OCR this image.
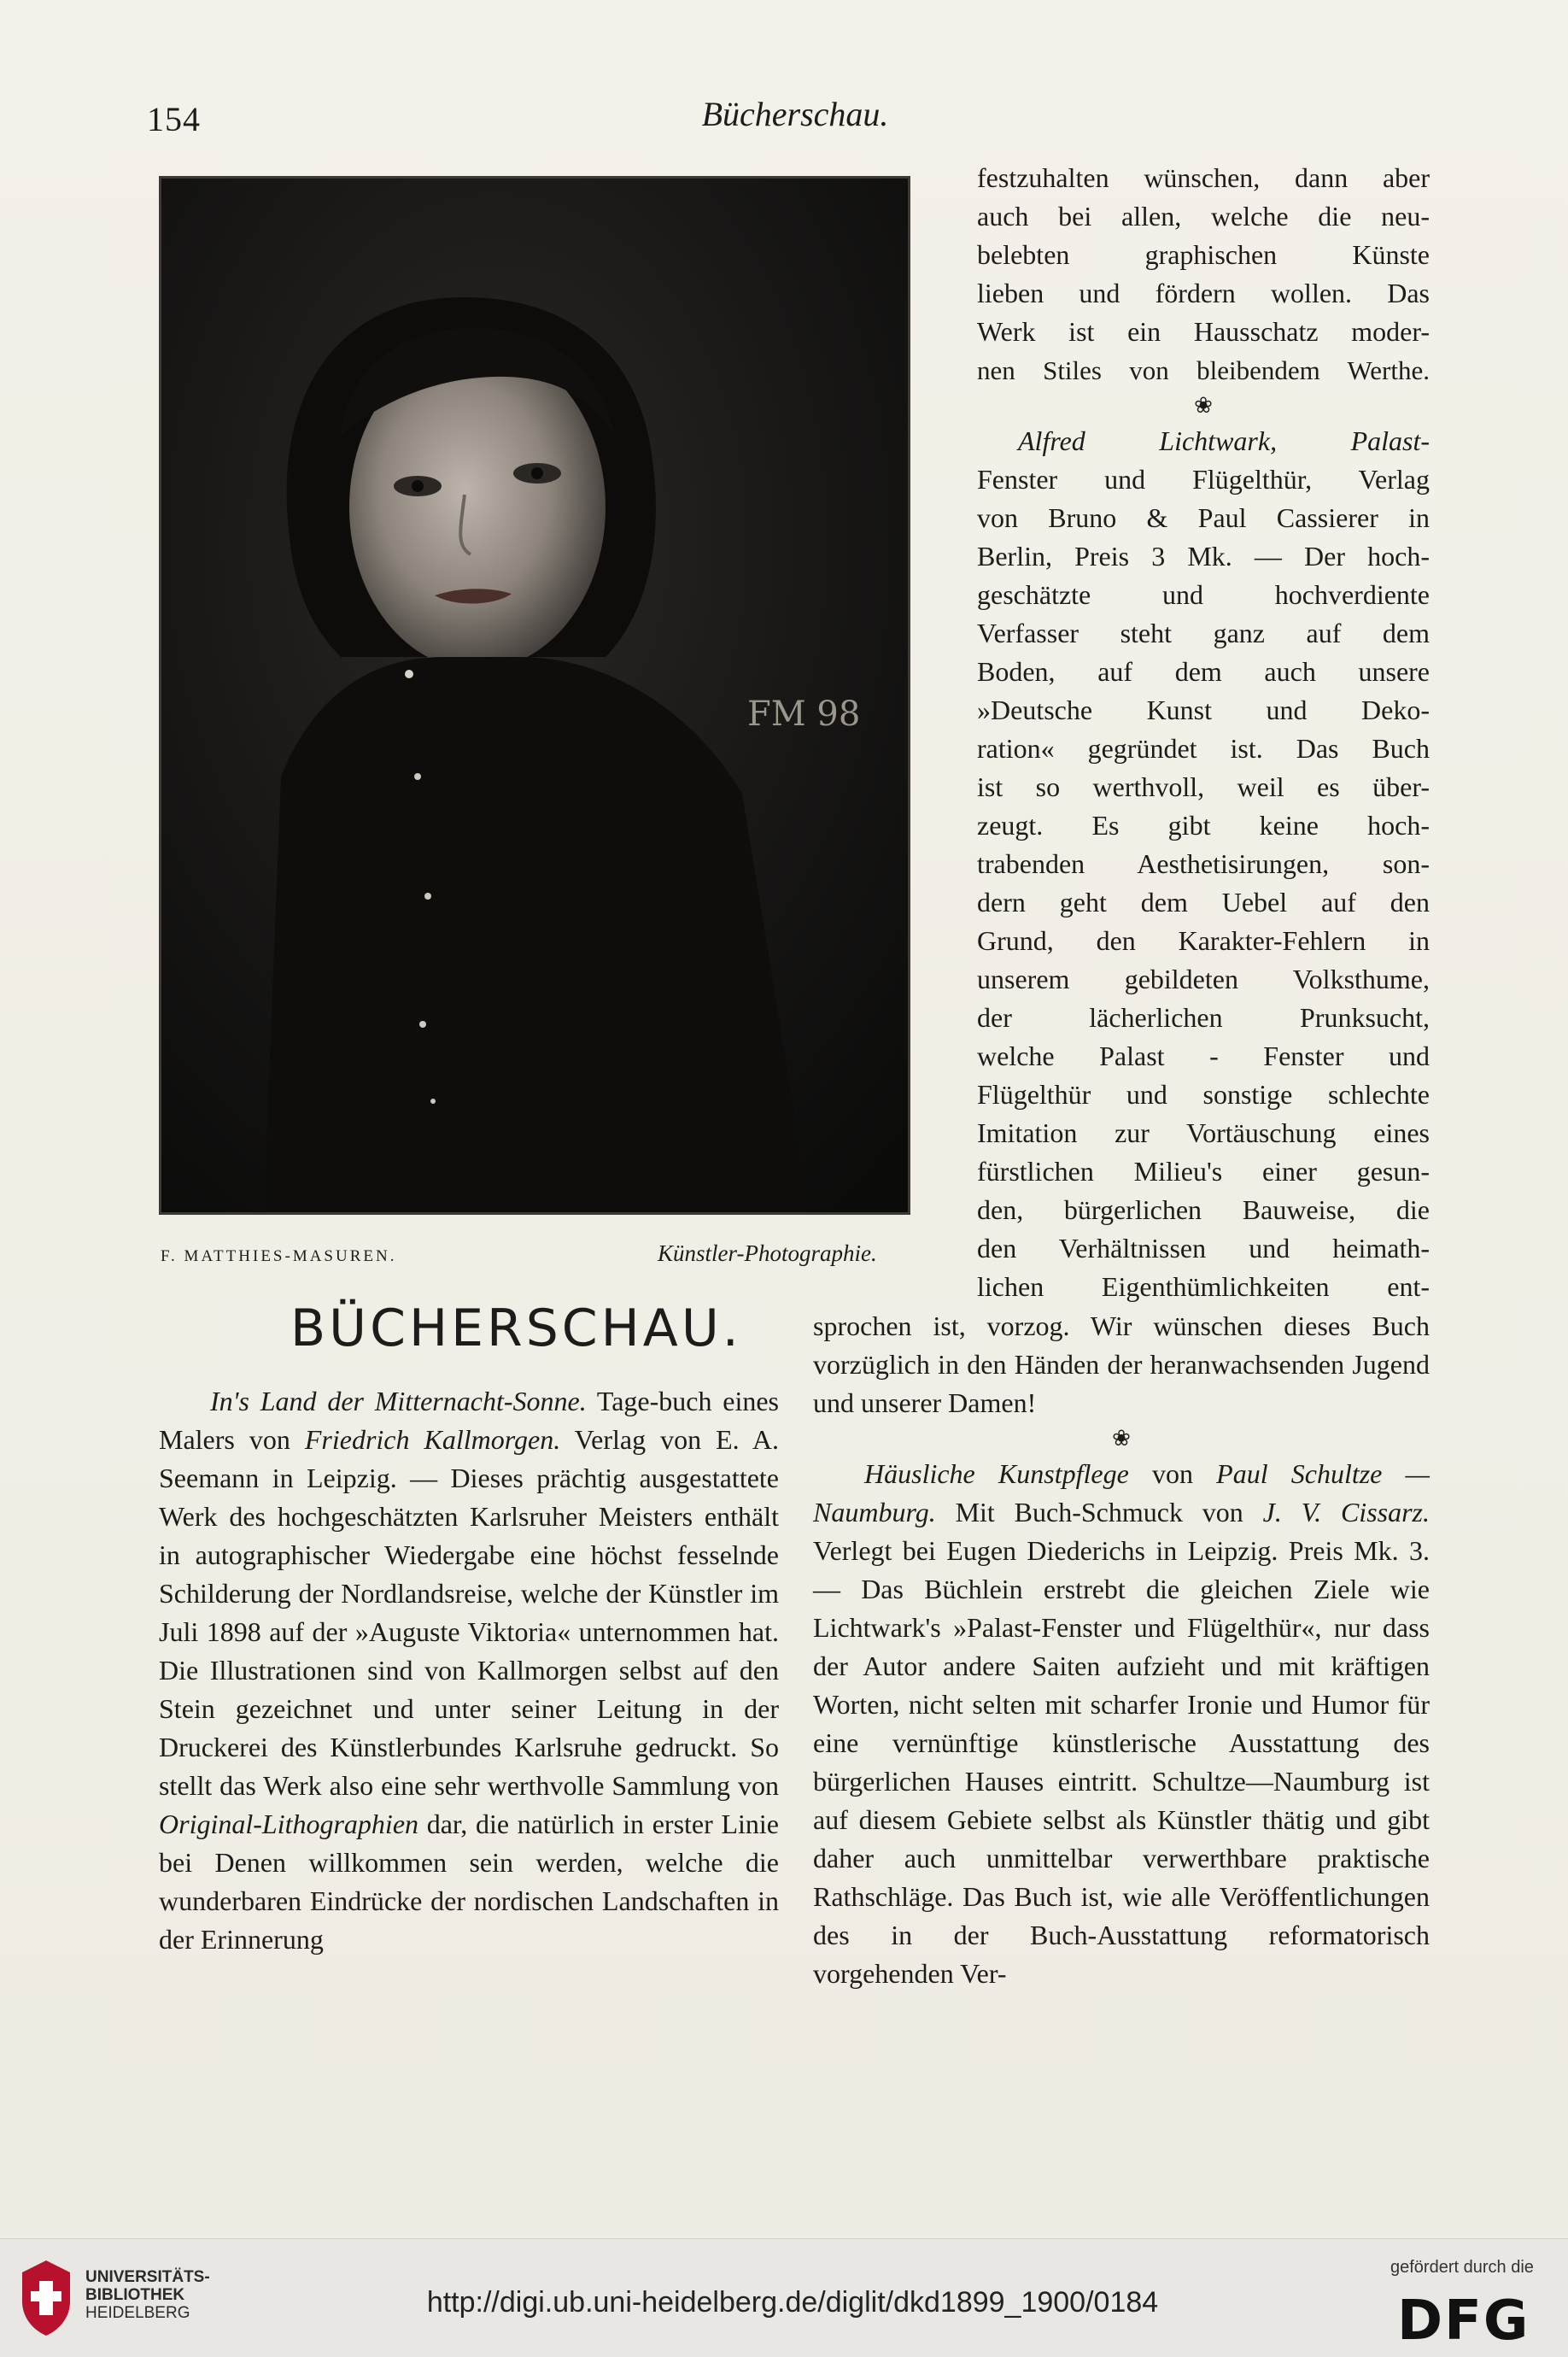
154	Bücherschau.
FM 98
F. MATTHIES-MASUREN.	Künstler-Photographie.

festzuhalten wünschen, dann aber

auch bei allen, welche die neu-

belebten graphischen Künste

lieben und fördern wollen. Das

Werk ist ein Hausschatz moder-

nen Stiles von bleibendem Werthe.

❀

Alfred Lichtwark, Palast-

Fenster und Flügelthür, Verlag

von Bruno & Paul Cassierer in

Berlin, Preis 3 Mk. — Der hoch-

geschätzte und hochverdiente

Verfasser steht ganz auf dem

Boden, auf dem auch unsere

»Deutsche Kunst und Deko-

ration« gegründet ist. Das Buch

ist so werthvoll, weil es über-

zeugt. Es gibt keine hoch-

trabenden Aesthetisirungen, son-

dern geht dem Uebel auf den

Grund, den Karakter-Fehlern in

unserem gebildeten Volksthume,

der lächerlichen Prunksucht,

welche Palast - Fenster und

Flügelthür und sonstige schlechte

Imitation zur Vortäuschung eines

fürstlichen Milieu's einer gesun-

den, bürgerlichen Bauweise, die

den Verhältnissen und heimath-

lichen Eigenthümlichkeiten ent-

BÜCHERSCHAU.

In's Land der Mitternacht-Sonne. Tage-buch eines Malers von Friedrich Kallmorgen. Verlag von E. A. Seemann in Leipzig. — Dieses prächtig ausgestattete Werk des hochgeschätzten Karlsruher Meisters enthält in autographischer Wiedergabe eine höchst fesselnde Schilderung der Nordlandsreise, welche der Künstler im Juli 1898 auf der »Auguste Viktoria« unternommen hat. Die Illustrationen sind von Kallmorgen selbst auf den Stein gezeichnet und unter seiner Leitung in der Druckerei des Künstlerbundes Karlsruhe gedruckt. So stellt das Werk also eine sehr werthvolle Sammlung von Original-Lithographien dar, die natürlich in erster Linie bei Denen willkommen sein werden, welche die wunderbaren Eindrücke der nordischen Landschaften in der Erinnerung

sprochen ist, vorzog. Wir wünschen dieses Buch vorzüglich in den Händen der heranwachsenden Jugend und unserer Damen!

❀

Häusliche Kunstpflege von Paul Schultze —Naumburg. Mit Buch-Schmuck von J. V. Cissarz. Verlegt bei Eugen Diederichs in Leipzig. Preis Mk. 3. — Das Büchlein erstrebt die gleichen Ziele wie Lichtwark's »Palast-Fenster und Flügelthür«, nur dass der Autor andere Saiten aufzieht und mit kräftigen Worten, nicht selten mit scharfer Ironie und Humor für eine vernünftige künstlerische Ausstattung des bürgerlichen Hauses eintritt. Schultze—Naumburg ist auf diesem Gebiete selbst als Künstler thätig und gibt daher auch unmittelbar verwerthbare praktische Rathschläge. Das Buch ist, wie alle Veröffentlichungen des in der Buch-Ausstattung reformatorisch vorgehenden Ver-

UNIVERSITÄTS-
BIBLIOTHEK
HEIDELBERG	http://digi.ub.uni-heidelberg.de/diglit/dkd1899_1900/0184
gefördert durch die
DFG
